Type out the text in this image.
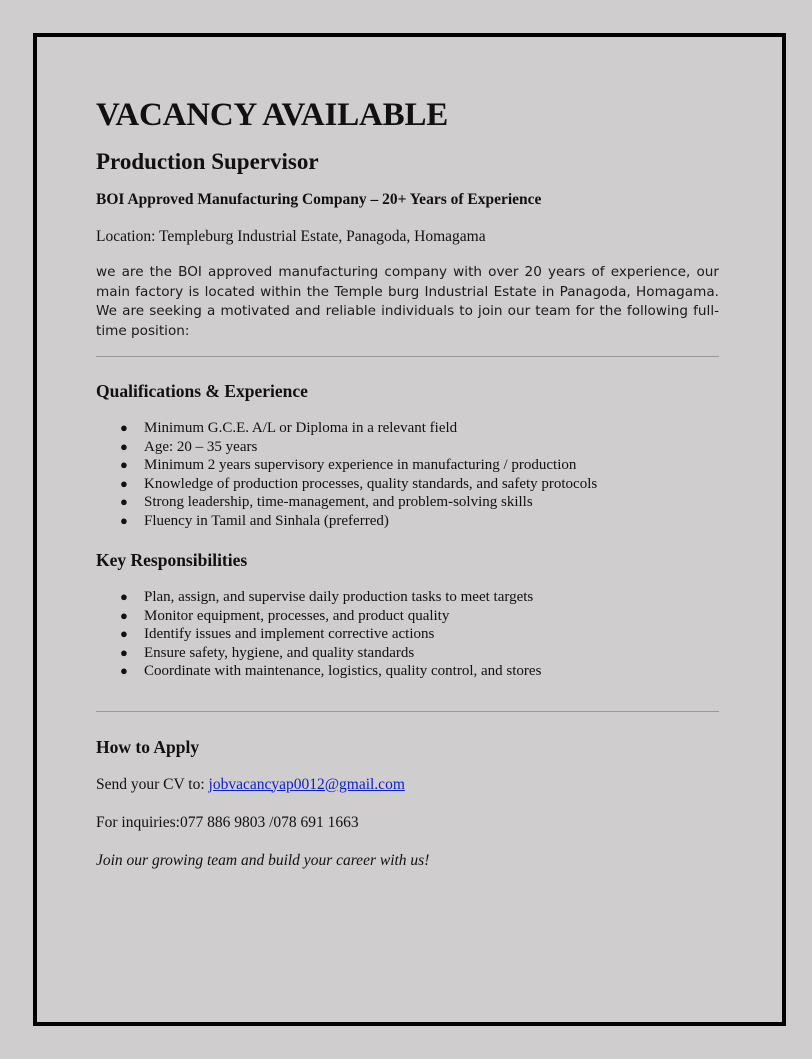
VACANCY AVAILABLE
Production Supervisor

BOI Approved Manufacturing Company – 20+ Years of Experience

Location: Templeburg Industrial Estate, Panagoda, Homagama

we are the BOI approved manufacturing company with over 20 years of experience, our main factory is located within the Temple burg Industrial Estate in Panagoda, Homagama. We are seeking a motivated and reliable individuals to join our team for the following full-time position:

Qualifications & Experience
● Minimum G.C.E. A/L or Diploma in a relevant field
● Age: 20 – 35 years
● Minimum 2 years supervisory experience in manufacturing / production
● Knowledge of production processes, quality standards, and safety protocols
● Strong leadership, time-management, and problem-solving skills
● Fluency in Tamil and Sinhala (preferred)
Key Responsibilities
● Plan, assign, and supervise daily production tasks to meet targets
● Monitor equipment, processes, and product quality
● Identify issues and implement corrective actions
● Ensure safety, hygiene, and quality standards
● Coordinate with maintenance, logistics, quality control, and stores
How to Apply

Send your CV to: jobvacancyap0012@gmail.com

For inquiries:077 886 9803 /078 691 1663

Join our growing team and build your career with us!
